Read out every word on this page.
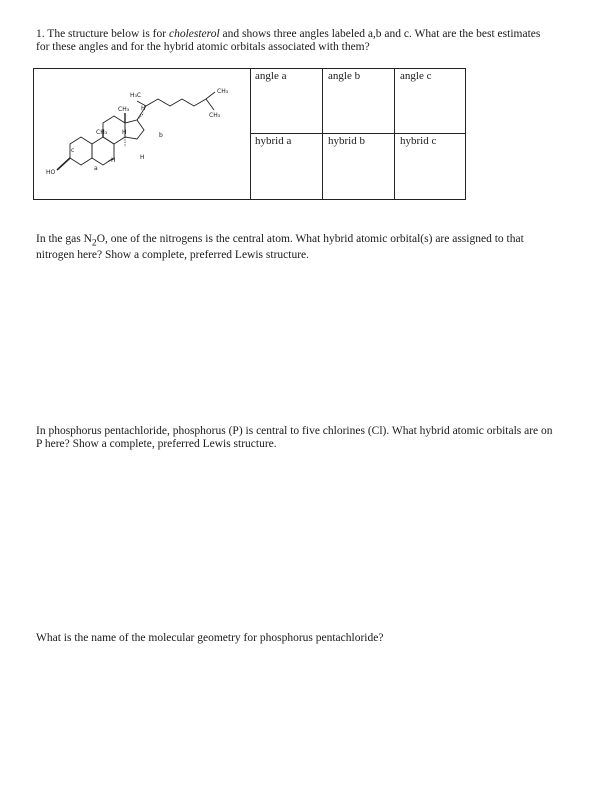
1. The structure below is for cholesterol and shows three angles labeled a,b and c. What are the best estimates for these angles and for the hybrid atomic orbitals associated with them?
H₃C
CH₃
CH₃
CH₃ H
CH₃ H
H	H
HO
a
b
c
angle a	angle b	angle c
hybrid a	hybrid b	hybrid c
In the gas $N_2O$, one of the nitrogens is the central atom. What hybrid atomic orbital(s) are assigned to that nitrogen here? Show a complete, preferred Lewis structure.
In phosphorus pentachloride, phosphorus (P) is central to five chlorines (Cl). What hybrid atomic orbitals are on P here? Show a complete, preferred Lewis structure.
What is the name of the molecular geometry for phosphorus pentachloride?
